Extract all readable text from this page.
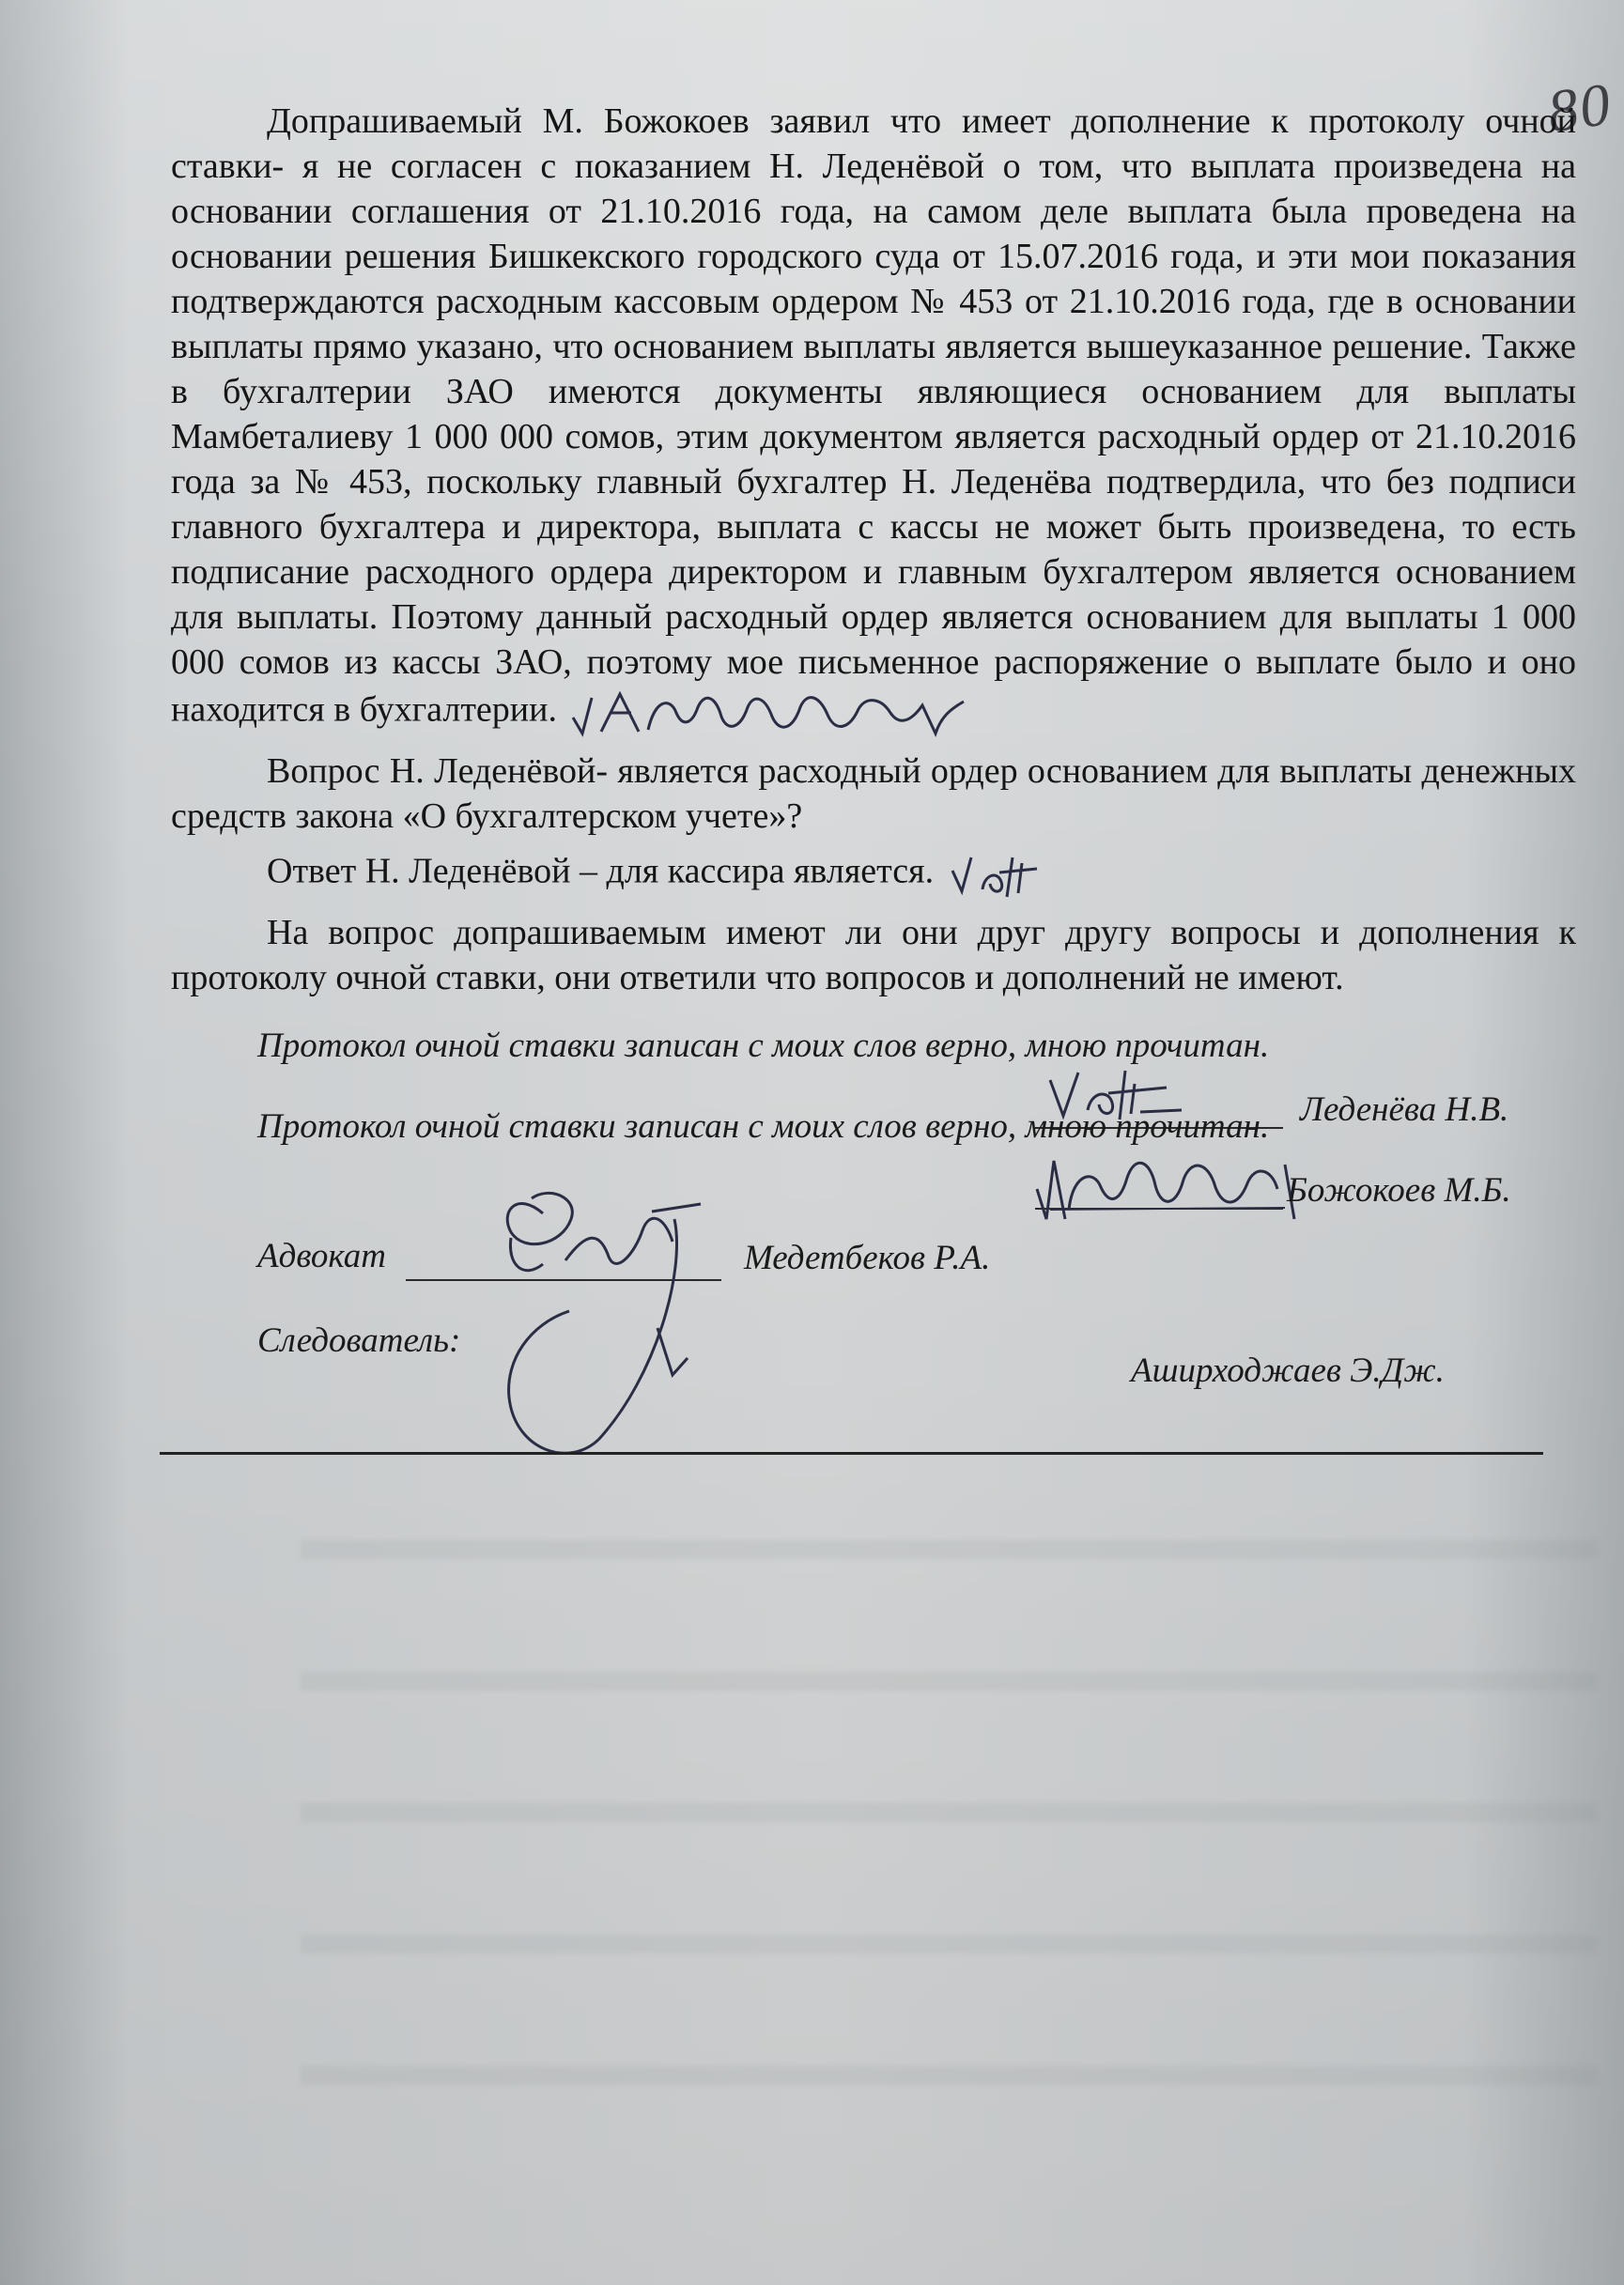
80

Допрашиваемый М. Божокоев заявил что имеет дополнение к протоколу очной ставки- я не согласен с показанием Н. Леденёвой о том, что выплата произведена на основании соглашения от 21.10.2016 года, на самом деле выплата была проведена на основании решения Бишкекского городского суда от 15.07.2016 года, и эти мои показания подтверждаются расходным кассовым ордером № 453 от 21.10.2016 года, где в основании выплаты прямо указано, что основанием выплаты является вышеуказанное решение. Также в бухгалтерии ЗАО имеются документы являющиеся основанием для выплаты Мамбеталиеву 1 000 000 сомов, этим документом является расходный ордер от 21.10.2016 года за № 453, поскольку главный бухгалтер Н. Леденёва подтвердила, что без подписи главного бухгалтера и директора, выплата с кассы не может быть произведена, то есть подписание расходного ордера директором и главным бухгалтером является основанием для выплаты. Поэтому данный расходный ордер является основанием для выплаты 1 000 000 сомов из кассы ЗАО, поэтому мое письменное распоряжение о выплате было и оно находится в бухгалтерии.

Вопрос Н. Леденёвой- является расходный ордер основанием для выплаты денежных средств закона «О бухгалтерском учете»?

Ответ Н. Леденёвой – для кассира является.

На вопрос допрашиваемым имеют ли они друг другу вопросы и дополнения к протоколу очной ставки, они ответили что вопросов и дополнений не имеют.

Протокол очной ставки записан с моих слов верно, мною прочитан.
Леденёва Н.В.
Протокол очной ставки записан с моих слов верно, мною прочитан.
Божокоев М.Б.
Адвокат	Медетбеков Р.А.
Следователь:
Аширходжаев Э.Дж.
